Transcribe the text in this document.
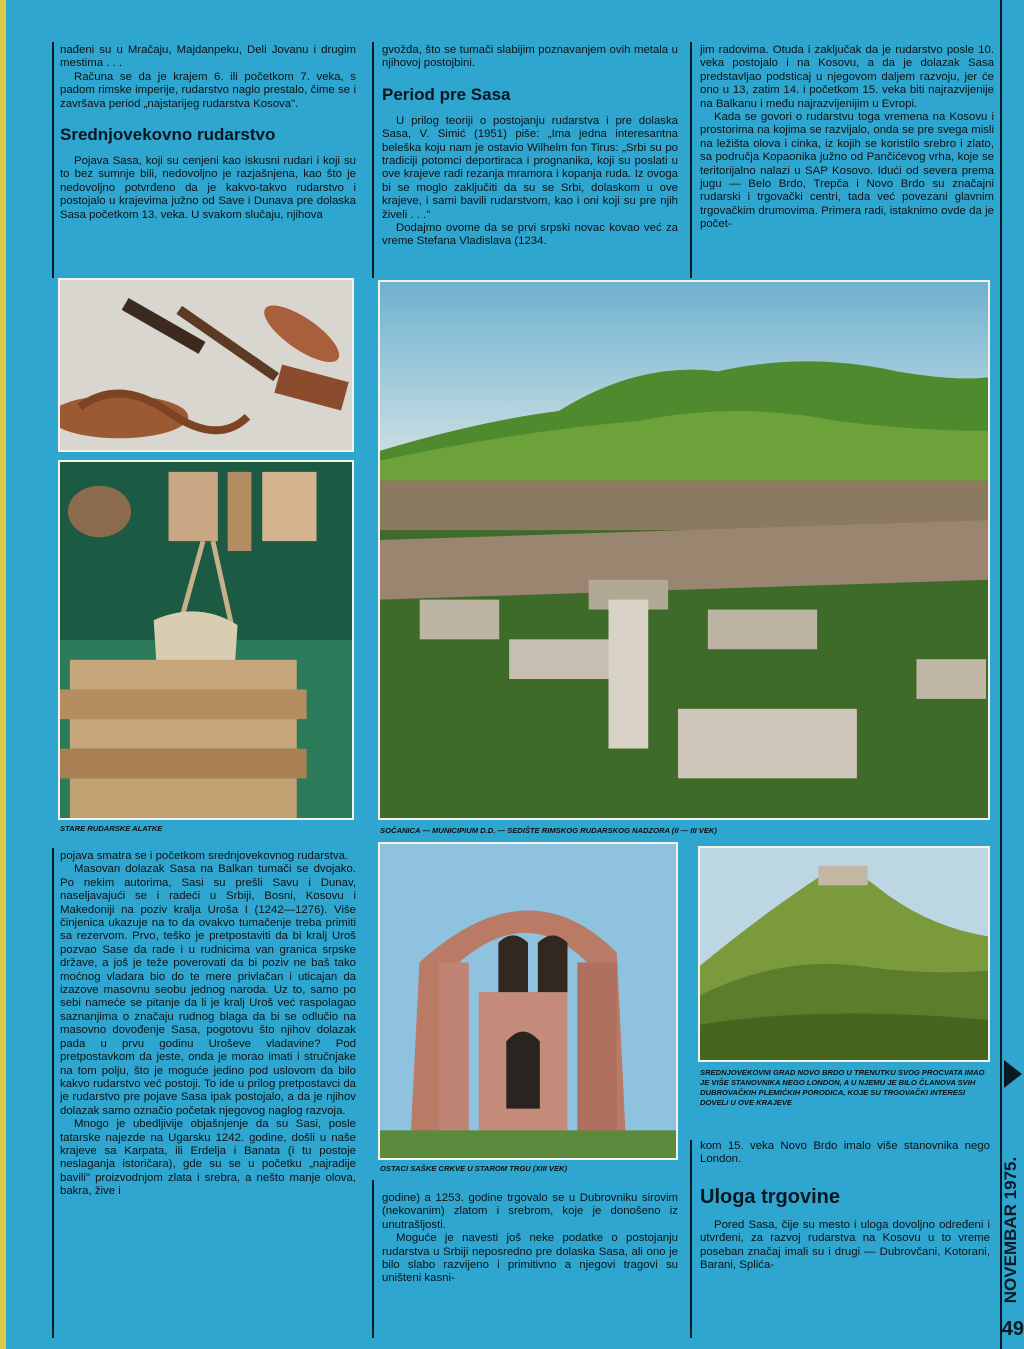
nađeni su u Mračaju, Majdanpeku, Deli Jovanu i drugim mestima . . .

Računa se da je krajem 6. ili početkom 7. veka, s padom rimske imperije, rudarstvo naglo prestalo, čime se i završava period „najstarijeg rudarstva Kosova".

Srednjovekovno rudarstvo

Pojava Sasa, koji su cenjeni kao iskusni rudari i koji su to bez sumnje bili, nedovoljno je razjašnjena, kao što je nedovoljno potvrđeno da je kakvo-takvo rudarstvo i postojalo u krajevima južno od Save i Dunava pre dolaska Sasa početkom 13. veka. U svakom slučaju, njihova

gvožđa, što se tumači slabijim poznavanjem ovih metala u njihovoj postojbini.

Period pre Sasa

U prilog teoriji o postojanju rudarstva i pre dolaska Sasa, V. Simić (1951) piše: „Ima jedna interesantna beleška koju nam je ostavio Wilhelm fon Tirus: „Srbi su po tradiciji potomci deportiraca i prognanika, koji su poslati u ove krajeve radi rezanja mramora i kopanja ruda. Iz ovoga bi se moglo zaključiti da su se Srbi, dolaskom u ove krajeve, i sami bavili rudarstvom, kao i oni koji su pre njih živeli . . ."

Dodajmo ovome da se prvi srpski novac kovao već za vreme Stefana Vladislava (1234.

jim radovima. Otuda i zaključak da je rudarstvo posle 10. veka postojalo i na Kosovu, a da je dolazak Sasa predstavljao podsticaj u njegovom daljem razvoju, jer će ono u 13, zatim 14. i početkom 15. veka biti najrazvijenije na Balkanu i među najrazvijenijim u Evropi.

Kada se govori o rudarstvu toga vremena na Kosovu i prostorima na kojima se razvijalo, onda se pre svega misli na ležišta olova i cinka, iz kojih se koristilo srebro i zlato, sa područja Kopaonika južno od Pančićevog vrha, koje se teritorijalno nalazi u SAP Kosovo. Idući od severa prema jugu — Belo Brdo, Trepča i Novo Brdo su značajni rudarski i trgovački centri, tada već povezani glavnim trgovačkim drumovima. Primera radi, istaknimo ovde da je počet-

STARE RUDARSKE ALATKE	SOČANICA — MUNICIPIUM D.D. — SEDIŠTE RIMSKOG RUDARSKOG NADZORA (II — III VEK)

pojava smatra se i početkom srednjovekovnog rudarstva.

Masovan dolazak Sasa na Balkan tumači se dvojako. Po nekim autorima, Sasi su prešli Savu i Dunav, naseljavajući se i radeći u Srbiji, Bosni, Kosovu i Makedoniji na poziv kralja Uroša I (1242—1276). Više činjenica ukazuje na to da ovakvo tumačenje treba primiti sa rezervom. Prvo, teško je pretpostaviti da bi kralj Uroš pozvao Sase da rade i u rudnicima van granica srpske države, a još je teže poverovati da bi poziv ne baš tako moćnog vladara bio do te mere privlačan i uticajan da izazove masovnu seobu jednog naroda. Uz to, samo po sebi nameće se pitanje da li je kralj Uroš već raspolagao saznanjima o značaju rudnog blaga da bi se odlučio na masovno dovođenje Sasa, pogotovu što njihov dolazak pada u prvu godinu Uroševe vladavine? Pod pretpostavkom da jeste, onda je morao imati i stručnjake na tom polju, što je moguće jedino pod uslovom da bilo kakvo rudarstvo već postoji. To ide u prilog pretpostavci da je rudarstvo pre pojave Sasa ipak postojalo, a da je njihov dolazak samo označio početak njegovog naglog razvoja.

Mnogo je ubedljivije objašnjenje da su Sasi, posle tatarske najezde na Ugarsku 1242. godine, došli u naše krajeve sa Karpata, ili Erdelja i Banata (i tu postoje neslaganja istoričara), gde su se u početku „najradije bavili" proizvodnjom zlata i srebra, a nešto manje olova, bakra, žive i

OSTACI SAŠKE CRKVE U STAROM TRGU (XIII VEK)
SREDNJOVEKOVNI GRAD NOVO BRDO U TRENUTKU SVOG PROCVATA IMAO JE VIŠE STANOVNIKA NEGO LONDON, A U NJEMU JE BILO ČLANOVA SVIH DUBROVAČKIH PLEMIĆKIH PORODICA, KOJE SU TRGOVAČKI INTERESI DOVELI U OVE KRAJEVE

godine) a 1253. godine trgovalo se u Dubrovniku sirovim (nekovanim) zlatom i srebrom, koje je donošeno iz unutrašljosti.

Moguće je navesti još neke podatke o postojanju rudarstva u Srbiji neposredno pre dolaska Sasa, ali ono je bilo slabo razvijeno i primitivno a njegovi tragovi su uništeni kasni-

kom 15. veka Novo Brdo imalo više stanovnika nego London.

Uloga trgovine

Pored Sasa, čije su mesto i uloga dovoljno određeni i utvrđeni, za razvoj rudarstva na Kosovu u to vreme poseban značaj imali su i drugi — Dubrovčani, Kotorani, Barani, Splića-	NOVEMBAR 1975.
49
